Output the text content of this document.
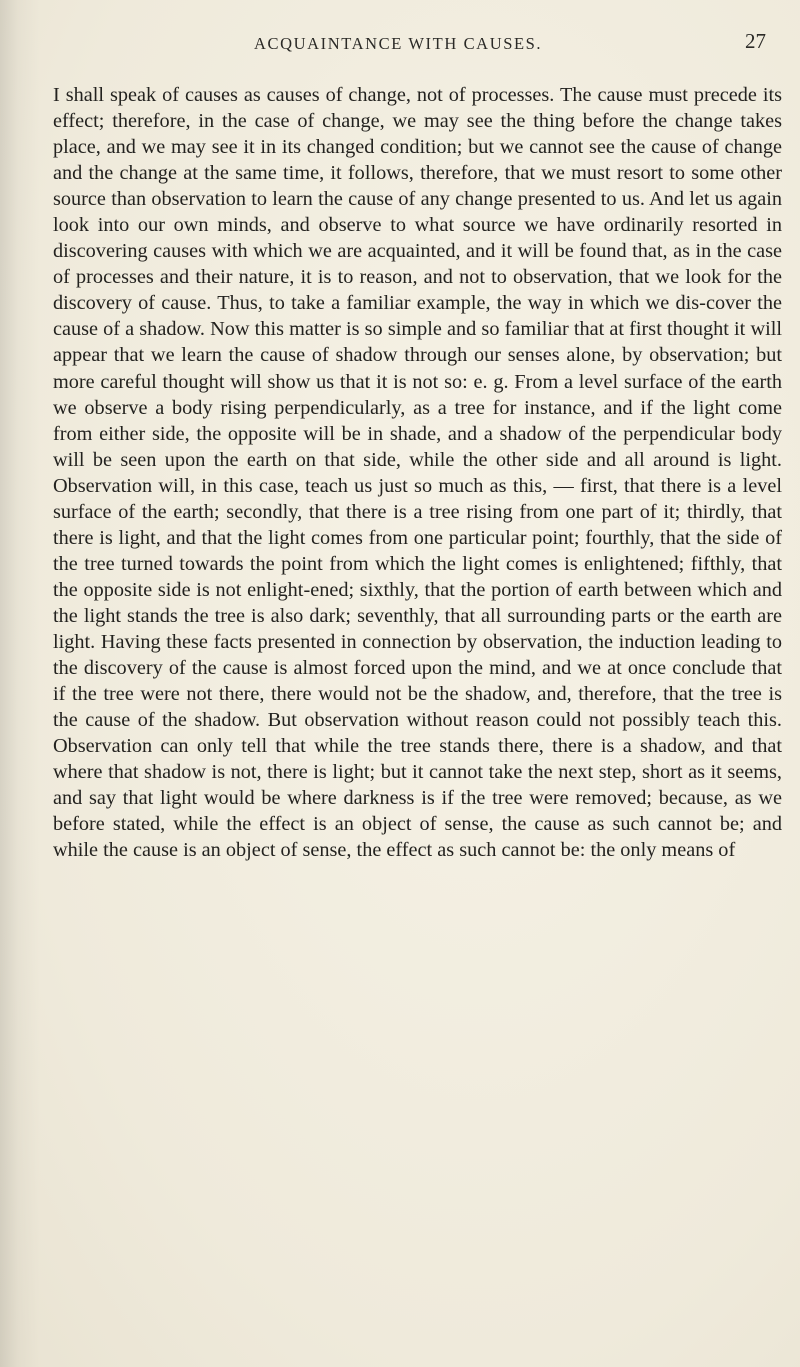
ACQUAINTANCE WITH CAUSES.	27

I shall speak of causes as causes of change, not of processes. The cause must precede its effect; therefore, in the case of change, we may see the thing before the change takes place, and we may see it in its changed condition; but we cannot see the cause of change and the change at the same time, it follows, therefore, that we must resort to some other source than observation to learn the cause of any change presented to us. And let us again look into our own minds, and observe to what source we have ordinarily resorted in discovering causes with which we are acquainted, and it will be found that, as in the case of processes and their nature, it is to reason, and not to observation, that we look for the discovery of cause. Thus, to take a familiar example, the way in which we dis-cover the cause of a shadow. Now this matter is so simple and so familiar that at first thought it will appear that we learn the cause of shadow through our senses alone, by observation; but more careful thought will show us that it is not so: e. g. From a level surface of the earth we observe a body rising perpendicularly, as a tree for instance, and if the light come from either side, the opposite will be in shade, and a shadow of the perpendicular body will be seen upon the earth on that side, while the other side and all around is light. Observation will, in this case, teach us just so much as this, — first, that there is a level surface of the earth; secondly, that there is a tree rising from one part of it; thirdly, that there is light, and that the light comes from one particular point; fourthly, that the side of the tree turned towards the point from which the light comes is enlightened; fifthly, that the opposite side is not enlight-ened; sixthly, that the portion of earth between which and the light stands the tree is also dark; seventhly, that all surrounding parts or the earth are light. Having these facts presented in connection by observation, the induction leading to the discovery of the cause is almost forced upon the mind, and we at once conclude that if the tree were not there, there would not be the shadow, and, therefore, that the tree is the cause of the shadow. But observation without reason could not possibly teach this. Observation can only tell that while the tree stands there, there is a shadow, and that where that shadow is not, there is light; but it cannot take the next step, short as it seems, and say that light would be where darkness is if the tree were removed; because, as we before stated, while the effect is an object of sense, the cause as such cannot be; and while the cause is an object of sense, the effect as such cannot be: the only means of
